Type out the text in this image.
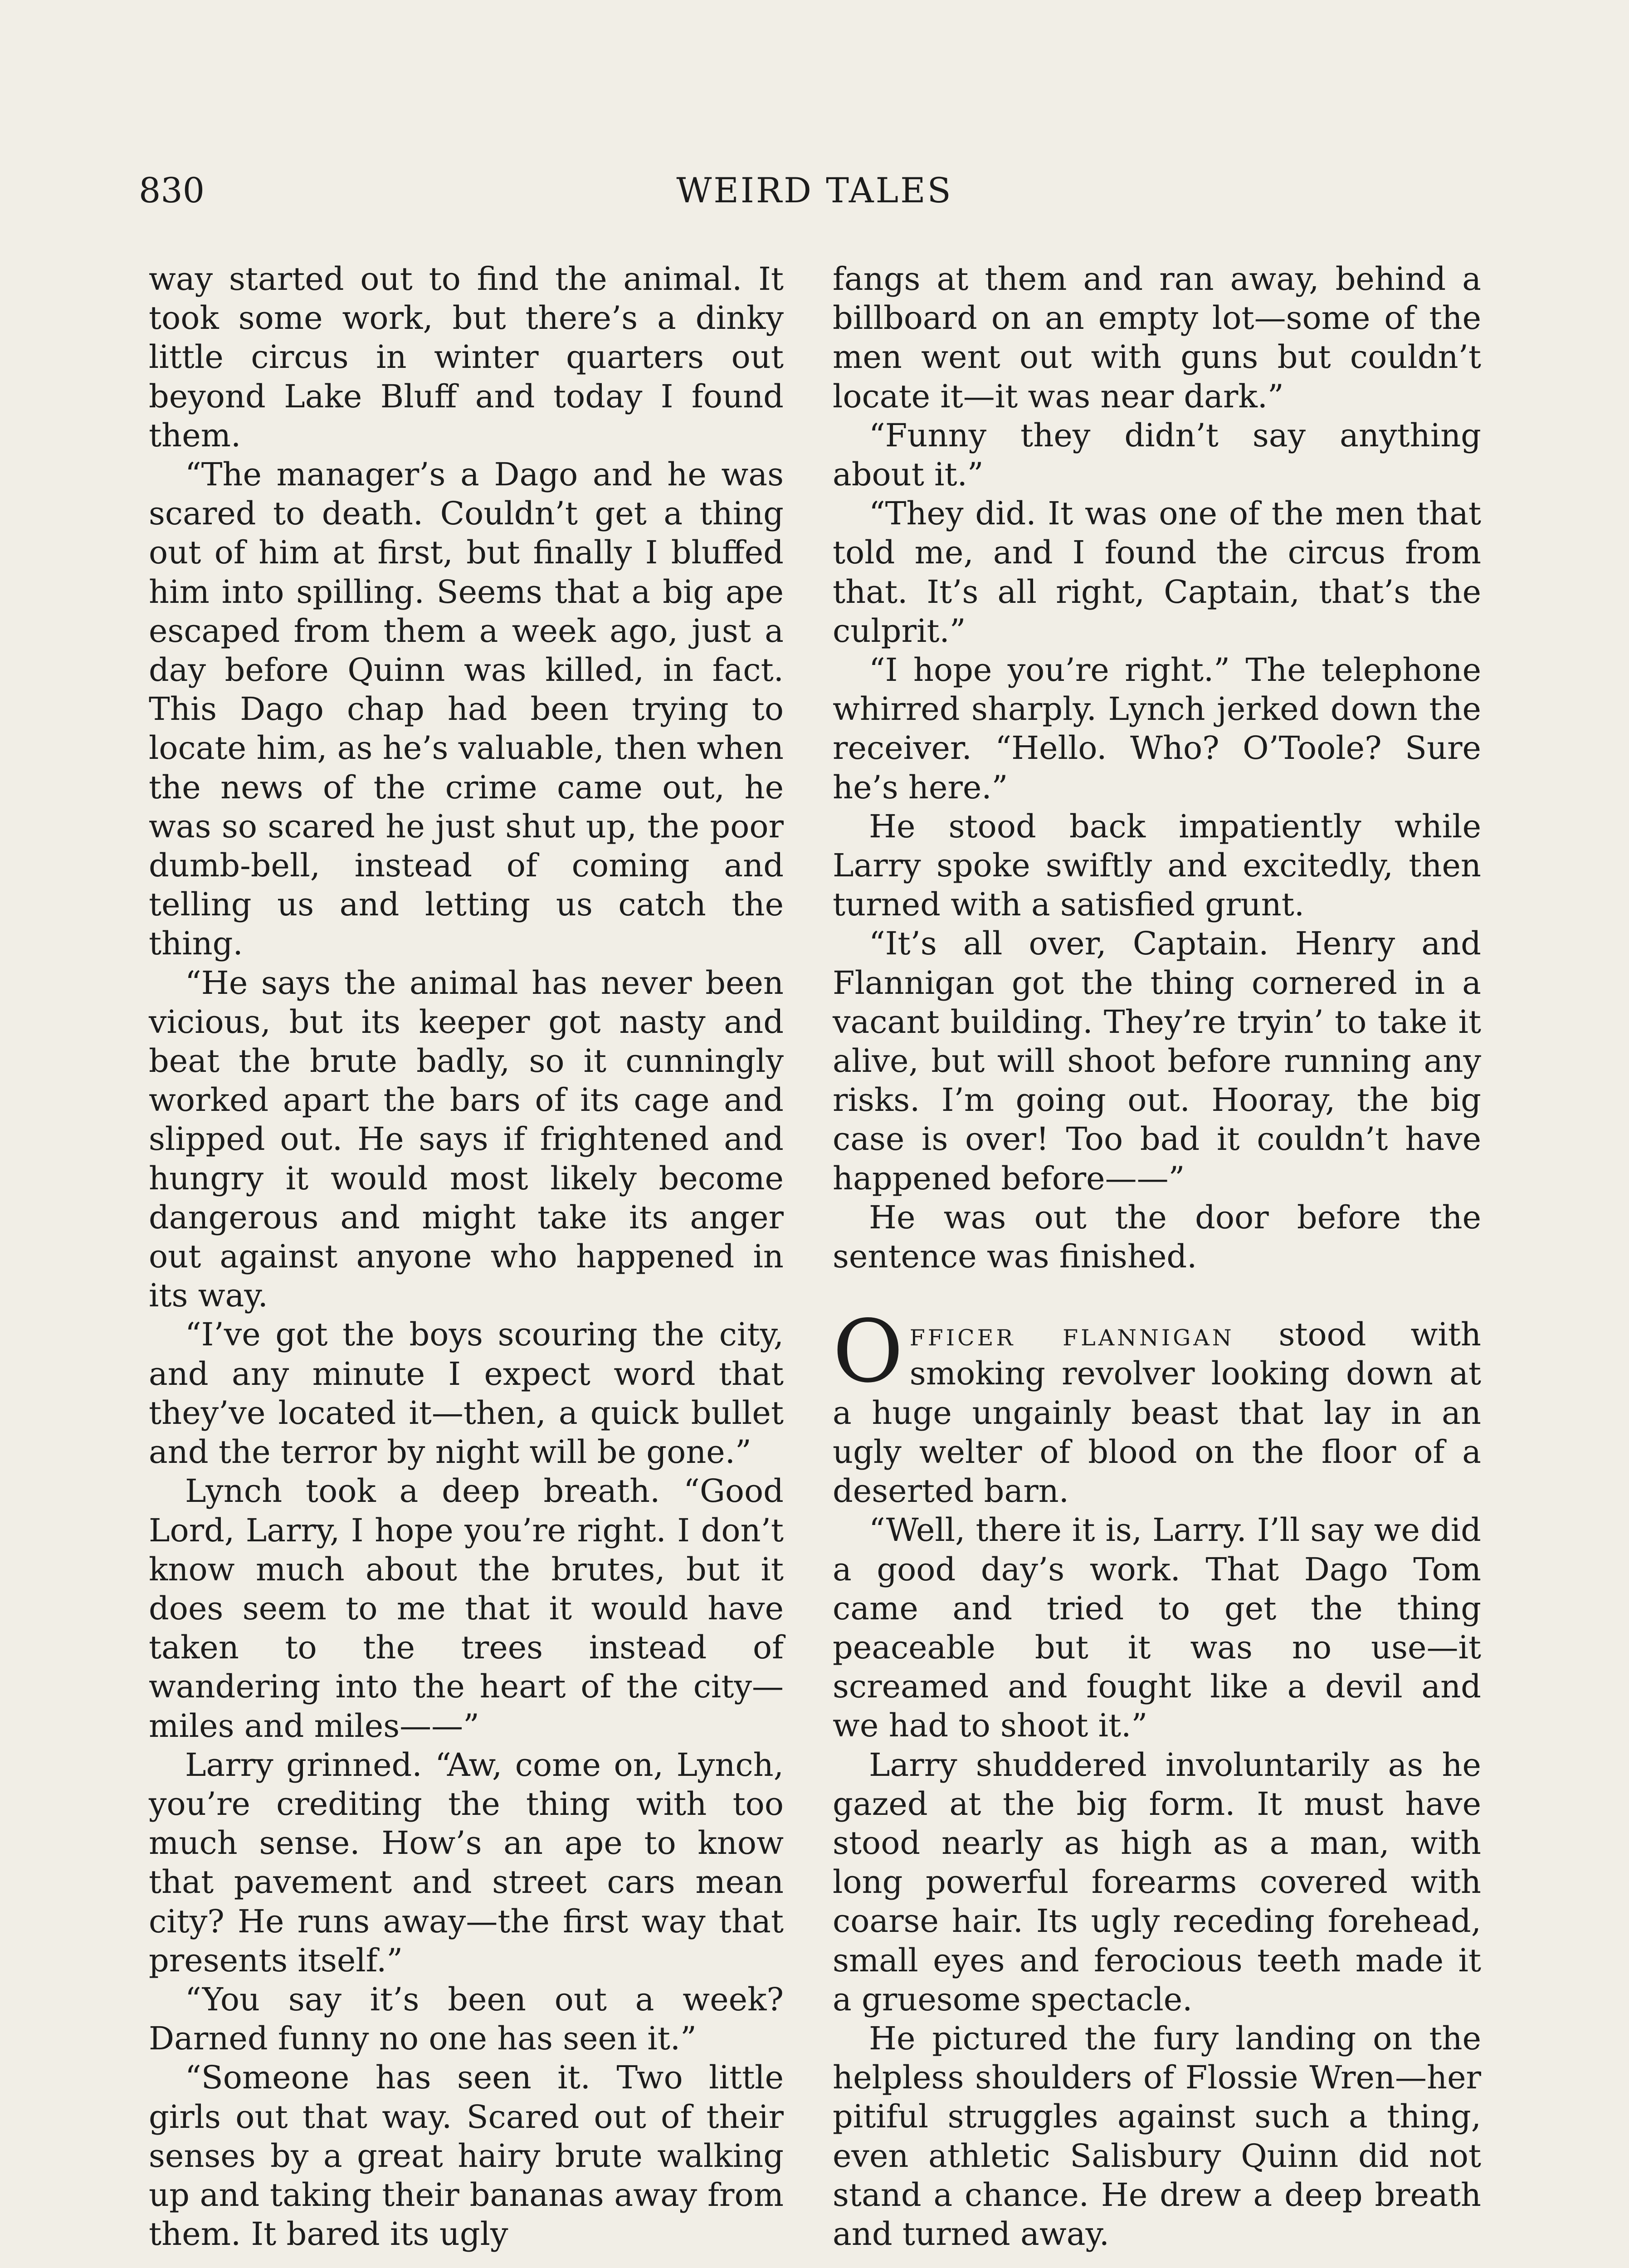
830	WEIRD TALES

way started out to find the animal. It took some work, but there’s a dinky little circus in winter quarters out beyond Lake Bluff and today I found them.

“The manager’s a Dago and he was scared to death. Couldn’t get a thing out of him at first, but finally I bluffed him into spilling. Seems that a big ape escaped from them a week ago, just a day before Quinn was killed, in fact. This Dago chap had been trying to locate him, as he’s valuable, then when the news of the crime came out, he was so scared he just shut up, the poor dumb-bell, instead of coming and telling us and letting us catch the thing.

“He says the animal has never been vicious, but its keeper got nasty and beat the brute badly, so it cunningly worked apart the bars of its cage and slipped out. He says if frightened and hungry it would most likely become dangerous and might take its anger out against anyone who happened in its way.

“I’ve got the boys scouring the city, and any minute I expect word that they’ve located it—then, a quick bullet and the terror by night will be gone.”

Lynch took a deep breath. “Good Lord, Larry, I hope you’re right. I don’t know much about the brutes, but it does seem to me that it would have taken to the trees instead of wandering into the heart of the city—miles and miles——”

Larry grinned. “Aw, come on, Lynch, you’re crediting the thing with too much sense. How’s an ape to know that pavement and street cars mean city? He runs away—the first way that presents itself.”

“You say it’s been out a week? Darned funny no one has seen it.”

“Someone has seen it. Two little girls out that way. Scared out of their senses by a great hairy brute walking up and taking their bananas away from them. It bared its ugly

fangs at them and ran away, behind a billboard on an empty lot—some of the men went out with guns but couldn’t locate it—it was near dark.”

“Funny they didn’t say anything about it.”

“They did. It was one of the men that told me, and I found the circus from that. It’s all right, Captain, that’s the culprit.”

“I hope you’re right.” The telephone whirred sharply. Lynch jerked down the receiver. “Hello. Who? O’Toole? Sure he’s here.”

He stood back impatiently while Larry spoke swiftly and excitedly, then turned with a satisfied grunt.

“It’s all over, Captain. Henry and Flannigan got the thing cornered in a vacant building. They’re tryin’ to take it alive, but will shoot before running any risks. I’m going out. Hooray, the big case is over! Too bad it couldn’t have happened before——”

He was out the door before the sentence was finished.

Officer flannigan stood with smoking revolver looking down at a huge ungainly beast that lay in an ugly welter of blood on the floor of a deserted barn.

“Well, there it is, Larry. I’ll say we did a good day’s work. That Dago Tom came and tried to get the thing peaceable but it was no use—it screamed and fought like a devil and we had to shoot it.”

Larry shuddered involuntarily as he gazed at the big form. It must have stood nearly as high as a man, with long powerful forearms covered with coarse hair. Its ugly receding forehead, small eyes and ferocious teeth made it a gruesome spectacle.

He pictured the fury landing on the helpless shoulders of Flossie Wren—her pitiful struggles against such a thing, even athletic Salisbury Quinn did not stand a chance. He drew a deep breath and turned away.
